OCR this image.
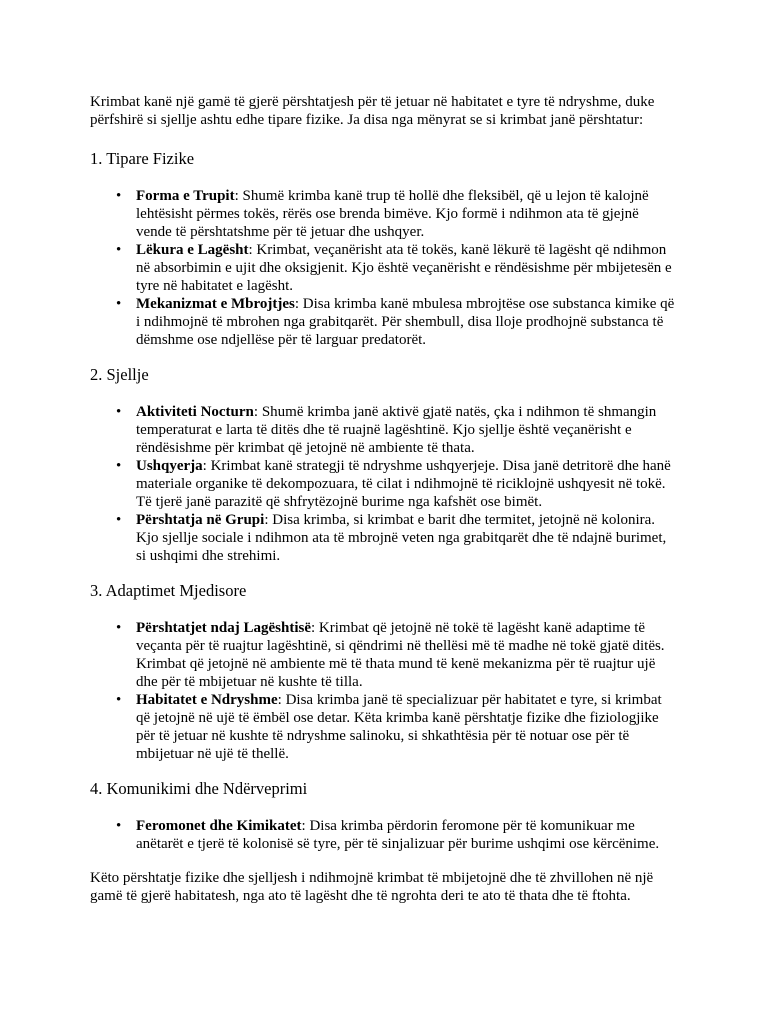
Krimbat kanë një gamë të gjerë përshtatjesh për të jetuar në habitatet e tyre të ndryshme, duke përfshirë si sjellje ashtu edhe tipare fizike. Ja disa nga mënyrat se si krimbat janë përshtatur:

1. Tipare Fizike
• Forma e Trupit: Shumë krimba kanë trup të hollë dhe fleksibël, që u lejon të kalojnë lehtësisht përmes tokës, rërës ose brenda bimëve. Kjo formë i ndihmon ata të gjejnë vende të përshtatshme për të jetuar dhe ushqyer.
• Lëkura e Lagësht: Krimbat, veçanërisht ata të tokës, kanë lëkurë të lagësht që ndihmon në absorbimin e ujit dhe oksigjenit. Kjo është veçanërisht e rëndësishme për mbijetesën e tyre në habitatet e lagësht.
• Mekanizmat e Mbrojtjes: Disa krimba kanë mbulesa mbrojtëse ose substanca kimike që i ndihmojnë të mbrohen nga grabitqarët. Për shembull, disa lloje prodhojnë substanca të dëmshme ose ndjellëse për të larguar predatorët.
2. Sjellje
• Aktiviteti Nocturn: Shumë krimba janë aktivë gjatë natës, çka i ndihmon të shmangin temperaturat e larta të ditës dhe të ruajnë lagështinë. Kjo sjellje është veçanërisht e rëndësishme për krimbat që jetojnë në ambiente të thata.
• Ushqyerja: Krimbat kanë strategji të ndryshme ushqyerjeje. Disa janë detritorë dhe hanë materiale organike të dekompozuara, të cilat i ndihmojnë të riciklojnë ushqyesit në tokë. Të tjerë janë parazitë që shfrytëzojnë burime nga kafshët ose bimët.
• Përshtatja në Grupi: Disa krimba, si krimbat e barit dhe termitet, jetojnë në kolonira. Kjo sjellje sociale i ndihmon ata të mbrojnë veten nga grabitqarët dhe të ndajnë burimet, si ushqimi dhe strehimi.
3. Adaptimet Mjedisore
• Përshtatjet ndaj Lagështisë: Krimbat që jetojnë në tokë të lagësht kanë adaptime të veçanta për të ruajtur lagështinë, si qëndrimi në thellësi më të madhe në tokë gjatë ditës. Krimbat që jetojnë në ambiente më të thata mund të kenë mekanizma për të ruajtur ujë dhe për të mbijetuar në kushte të tilla.
• Habitatet e Ndryshme: Disa krimba janë të specializuar për habitatet e tyre, si krimbat që jetojnë në ujë të ëmbël ose detar. Këta krimba kanë përshtatje fizike dhe fiziologjike për të jetuar në kushte të ndryshme salinoku, si shkathtësia për të notuar ose për të mbijetuar në ujë të thellë.
4. Komunikimi dhe Ndërveprimi
• Feromonet dhe Kimikatet: Disa krimba përdorin feromone për të komunikuar me anëtarët e tjerë të kolonisë së tyre, për të sinjalizuar për burime ushqimi ose kërcënime.

Këto përshtatje fizike dhe sjelljesh i ndihmojnë krimbat të mbijetojnë dhe të zhvillohen në një gamë të gjerë habitatesh, nga ato të lagësht dhe të ngrohta deri te ato të thata dhe të ftohta.
